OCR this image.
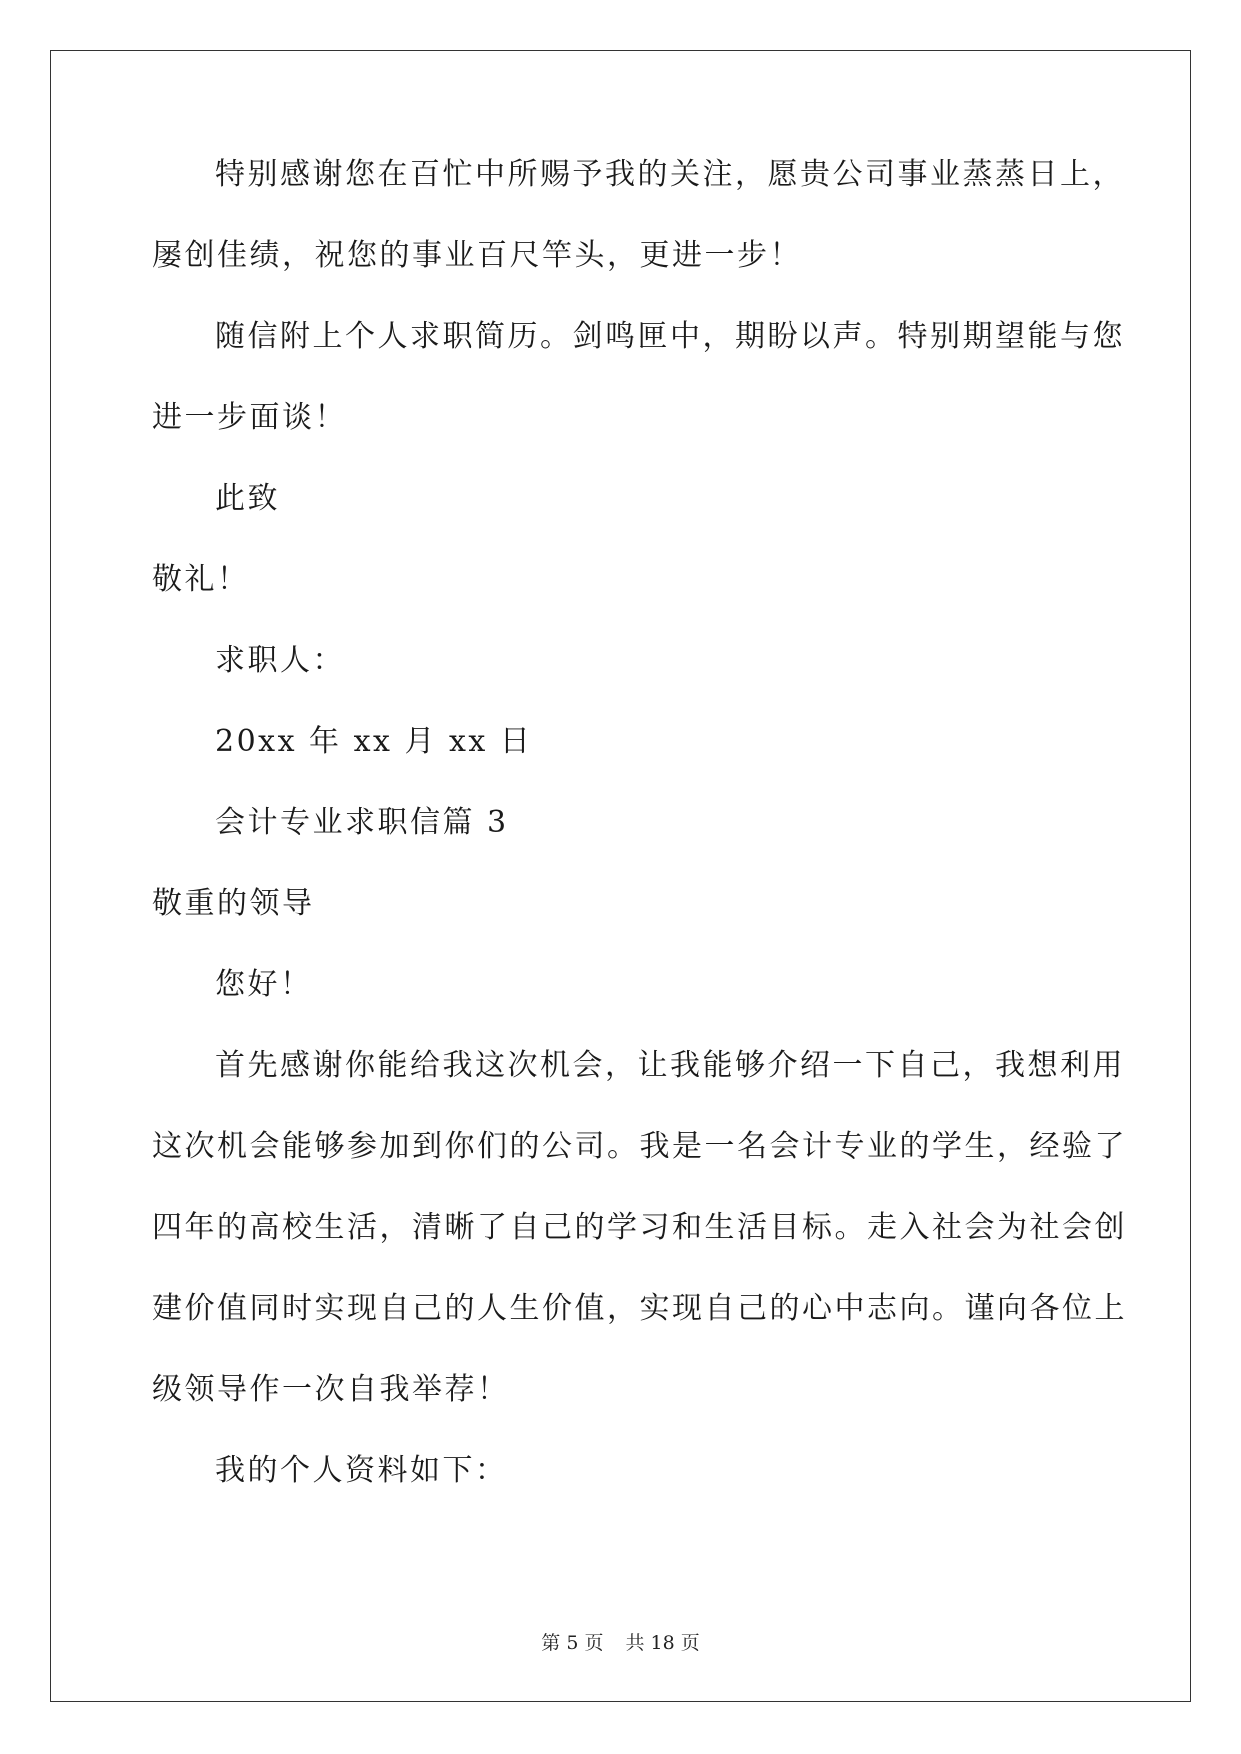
特别感谢您在百忙中所赐予我的关注，愿贵公司事业蒸蒸日上，
屡创佳绩，祝您的事业百尺竿头，更进一步！
随信附上个人求职简历。剑鸣匣中，期盼以声。特别期望能与您
进一步面谈！
此致
敬礼！
求职人：
20xx 年 xx 月 xx 日
会计专业求职信篇 3
敬重的领导
您好！
首先感谢你能给我这次机会，让我能够介绍一下自己，我想利用
这次机会能够参加到你们的公司。我是一名会计专业的学生，经验了
四年的高校生活，清晰了自己的学习和生活目标。走入社会为社会创
建价值同时实现自己的人生价值，实现自己的心中志向。谨向各位上
级领导作一次自我举荐！
我的个人资料如下：
第 5 页 共 18 页
